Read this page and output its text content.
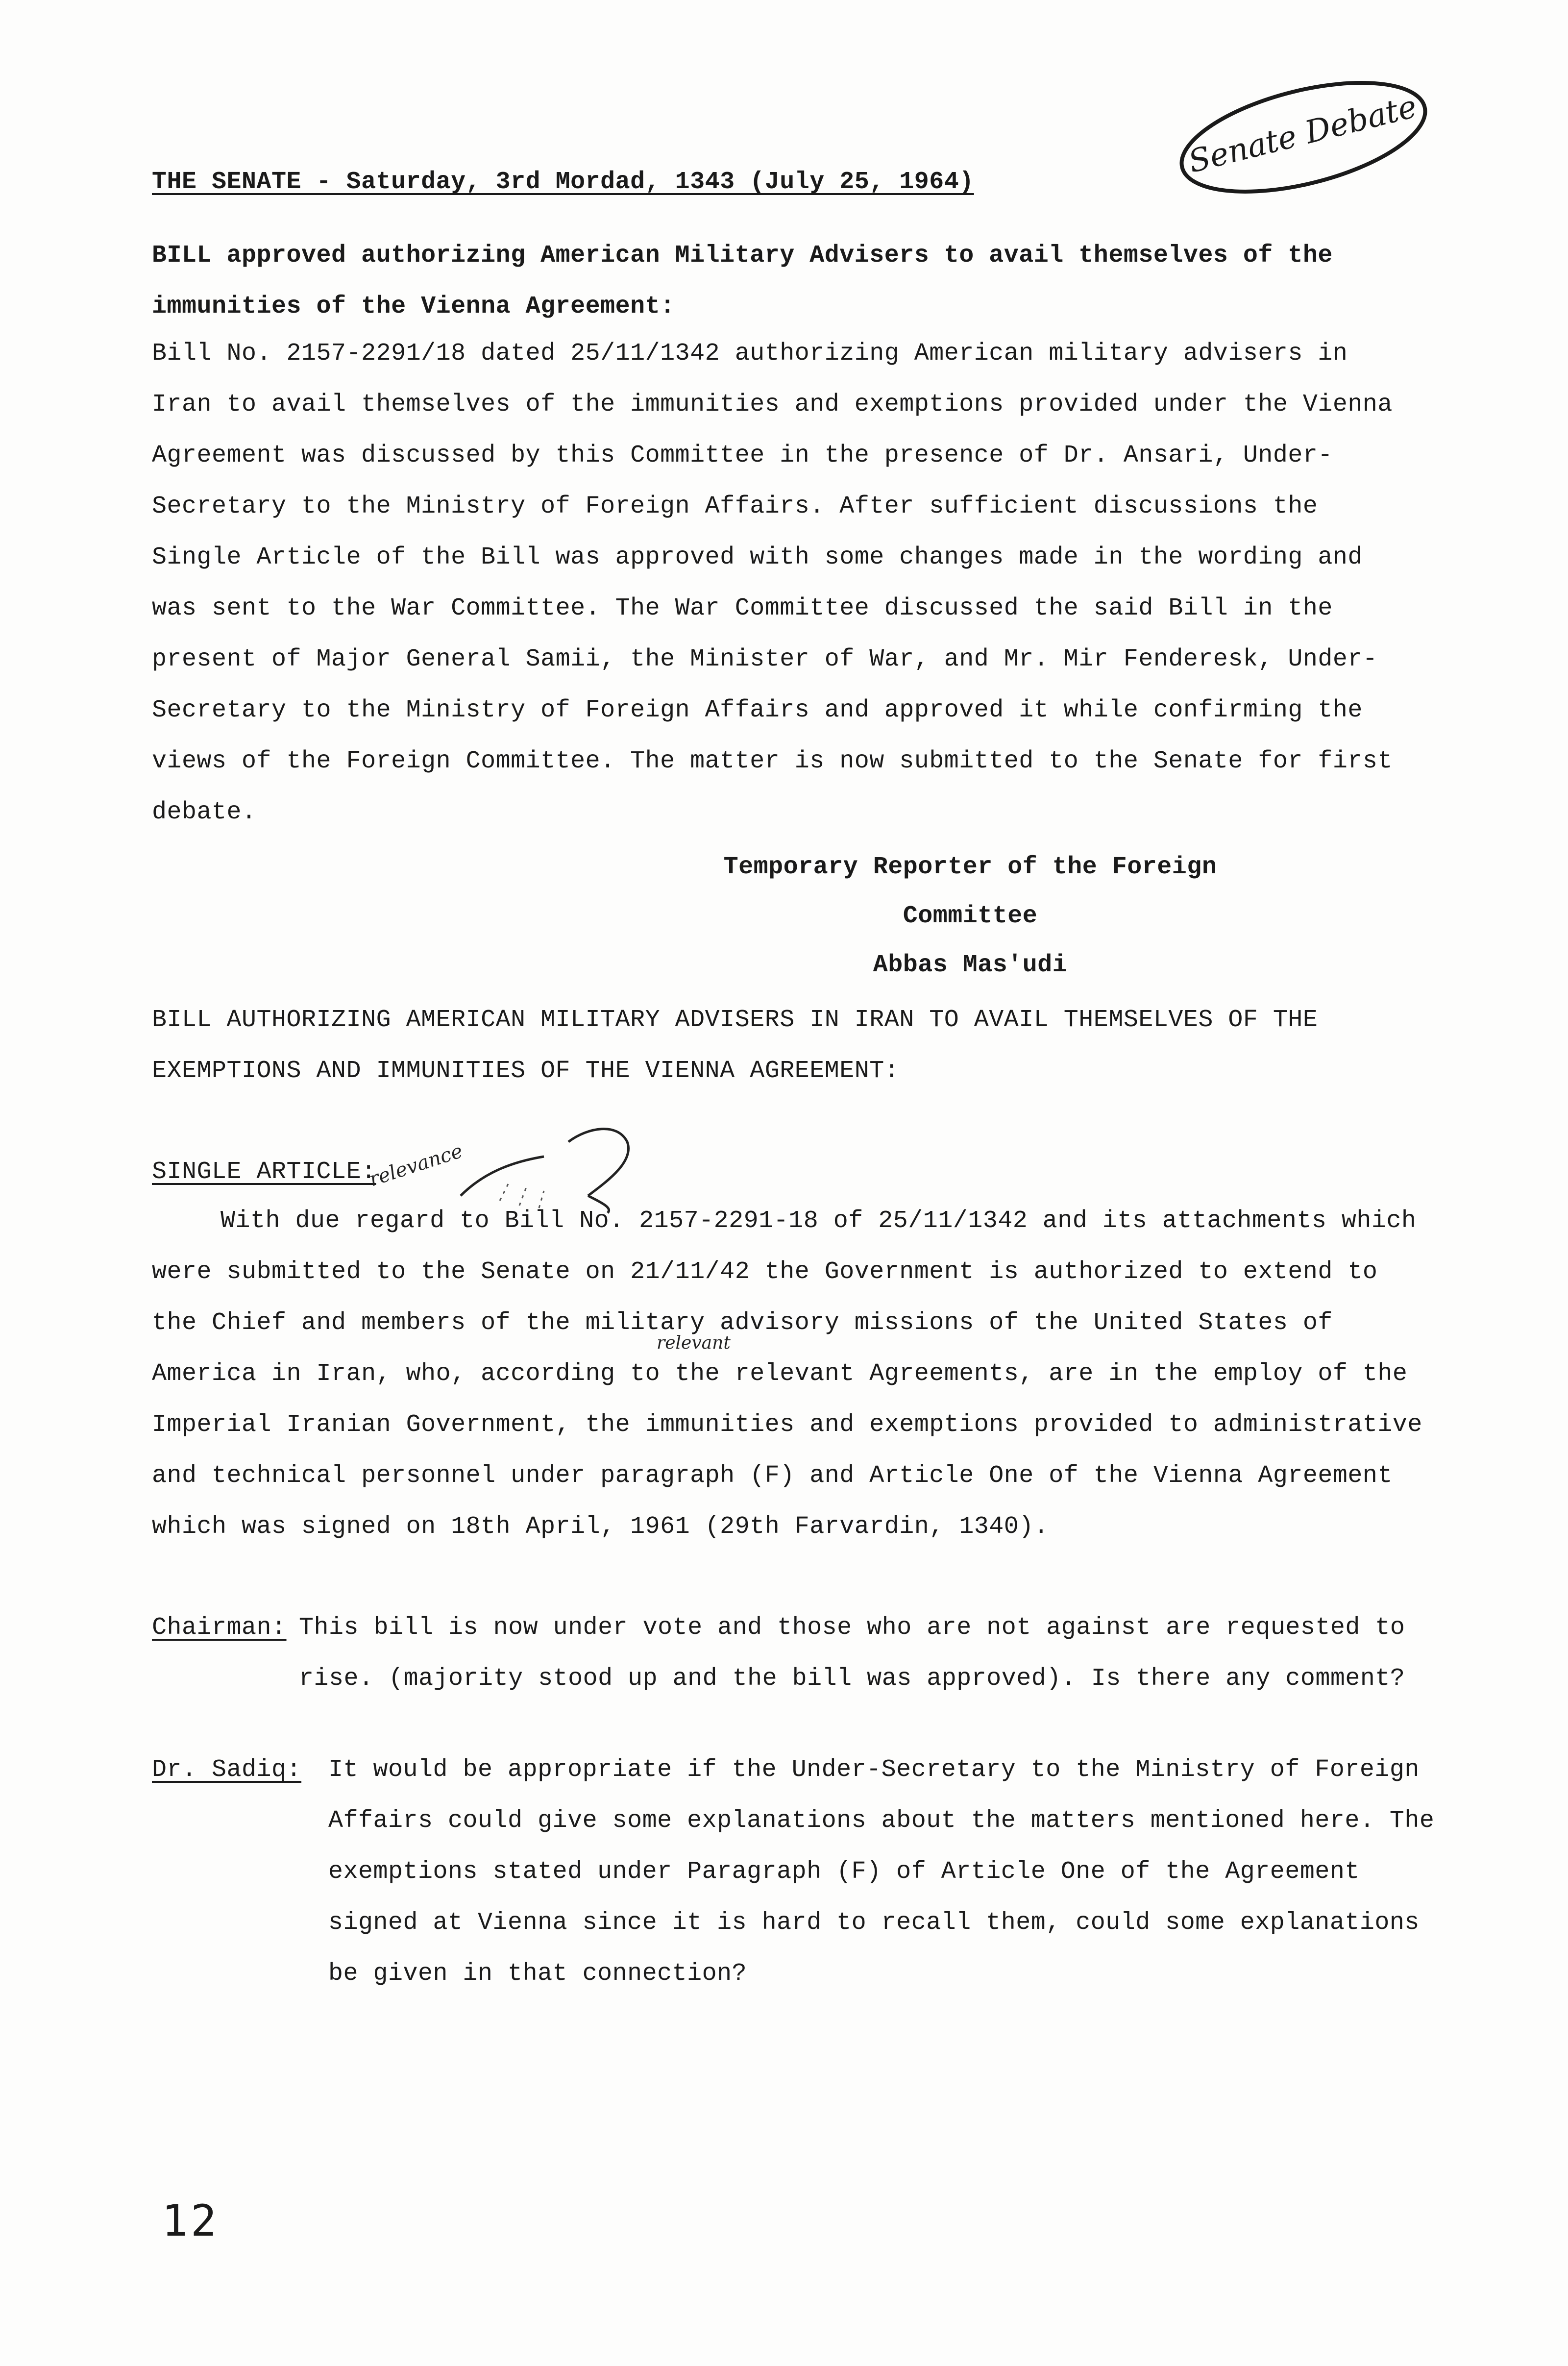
THE SENATE - Saturday, 3rd Mordad, 1343 (July 25, 1964)
Senate Debate

BILL approved authorizing American Military Advisers to avail themselves of the immunities of the Vienna Agreement:

Bill No. 2157-2291/18 dated 25/11/1342 authorizing American military advisers in Iran to avail themselves of the immunities and exemptions provided under the Vienna Agreement was discussed by this Committee in the presence of Dr. Ansari, Under-Secretary to the Ministry of Foreign Affairs. After sufficient discussions the Single Article of the Bill was approved with some changes made in the wording and was sent to the War Committee. The War Committee discussed the said Bill in the present of Major General Samii, the Minister of War, and Mr. Mir Fenderesk, Under-Secretary to the Ministry of Foreign Affairs and approved it while confirming the views of the Foreign Committee. The matter is now submitted to the Senate for first debate.

Temporary Reporter of the Foreign Committee
Abbas Mas'udi
BILL AUTHORIZING AMERICAN MILITARY ADVISERS IN IRAN TO AVAIL THEMSELVES OF THE EXEMPTIONS AND IMMUNITIES OF THE VIENNA AGREEMENT:
SINGLE ARTICLE:
relevance

With due regard to Bill No. 2157-2291-18 of 25/11/1342 and its attachments which were submitted to the Senate on 21/11/42 the Government is authorized to extend to the Chief and members of the military advisory missions of the United States of America in Iran, who, according to the relevant Agreements, are in the employ of the Imperial Iranian Government, the immunities and exemptions provided to administrative and technical personnel under paragraph (F) and Article One of the Vienna Agreement which was signed on 18th April, 1961 (29th Farvardin, 1340).

relevant
Chairman: This bill is now under vote and those who are not against are requested to rise. (majority stood up and the bill was approved). Is there any comment?
Dr. Sadiq: It would be appropriate if the Under-Secretary to the Ministry of Foreign Affairs could give some explanations about the matters mentioned here. The exemptions stated under Paragraph (F) of Article One of the Agreement signed at Vienna since it is hard to recall them, could some explanations be given in that connection?
12
